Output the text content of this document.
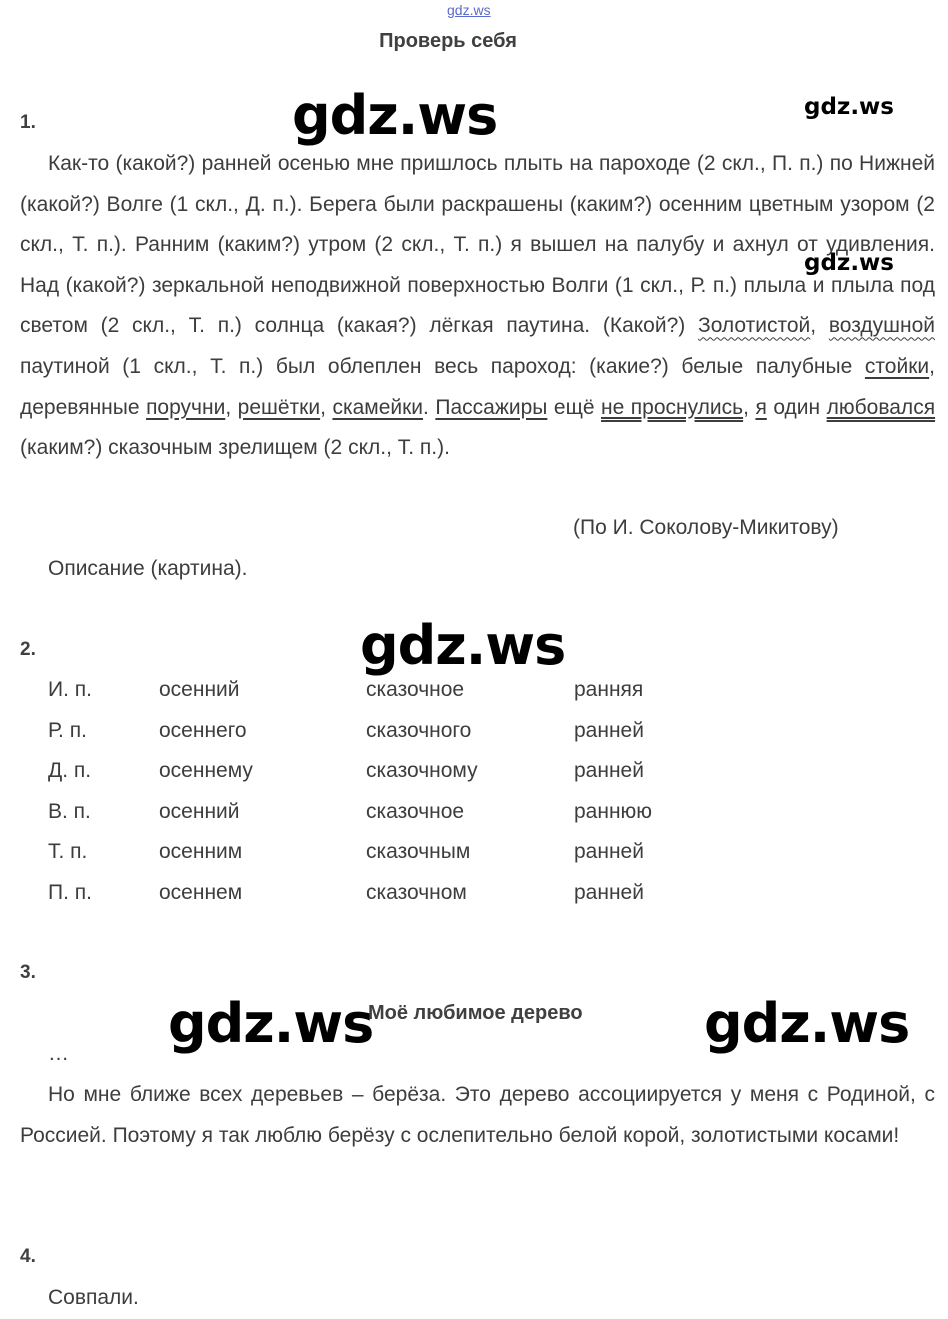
gdz.ws
Проверь себя
gdz.ws	gdz.ws
gdz.ws
gdz.ws
gdz.ws	gdz.ws
1.

Как-то (какой?) ранней осенью мне пришлось плыть на пароходе (2 скл., П. п.) по Нижней (какой?) Волге (1 скл., Д. п.). Берега были раскрашены (каким?) осенним цветным узором (2 скл., Т. п.). Ранним (каким?) утром (2 скл., Т. п.) я вышел на палубу и ахнул от удивления. Над (какой?) зеркальной неподвижной поверхностью Волги (1 скл., Р. п.) плыла и плыла под светом (2 скл., Т. п.) солнца (какая?) лёгкая паутина. (Какой?) Золотистой, воздушной паутиной (1 скл., Т. п.) был облеплен весь пароход: (какие?) белые палубные стойки, деревянные поручни, решётки, скамейки. Пассажиры ещё не проснулись, я один любовался (каким?) сказочным зрелищем (2 скл., Т. п.).

(По И. Соколову-Микитову)
Описание (картина).
2.
И. п.	осенний	сказочное	ранняя
Р. п.	осеннего	сказочного	ранней
Д. п.	осеннему	сказочному	ранней
В. п.	осенний	сказочное	раннюю
Т. п.	осенним	сказочным	ранней
П. п.	осеннем	сказочном	ранней
3.
Моё любимое дерево
…

Но мне ближе всех деревьев – берёза. Это дерево ассоциируется у меня с Родиной, с Россией. Поэтому я так люблю берёзу с ослепительно белой корой, золотистыми косами!

4.
Совпали.
